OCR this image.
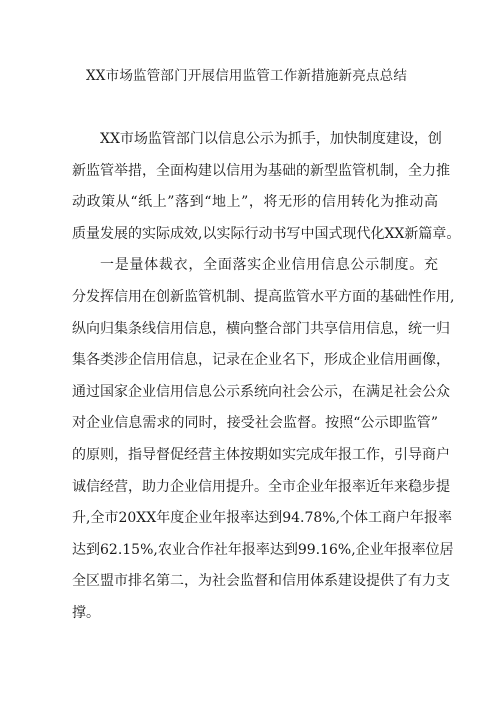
XX市场监管部门开展信用监管工作新措施新亮点总结
XX市场监管部门以信息公示为抓手，加快制度建设，创
新监管举措，全面构建以信用为基础的新型监管机制，全力推
动政策从“纸上”落到“地上”，将无形的信用转化为推动高
质量发展的实际成效,以实际行动书写中国式现代化XX新篇章。
一是量体裁衣，全面落实企业信用信息公示制度。充
分发挥信用在创新监管机制、提高监管水平方面的基础性作用,
纵向归集条线信用信息，横向整合部门共享信用信息，统一归
集各类涉企信用信息，记录在企业名下，形成企业信用画像，
通过国家企业信用信息公示系统向社会公示，在满足社会公众
对企业信息需求的同时，接受社会监督。按照“公示即监管”
的原则，指导督促经营主体按期如实完成年报工作，引导商户
诚信经营，助力企业信用提升。全市企业年报率近年来稳步提
升,全市20XX年度企业年报率达到94.78%,个体工商户年报率
达到62.15%,农业合作社年报率达到99.16%,企业年报率位居
全区盟市排名第二，为社会监督和信用体系建设提供了有力支
撑。
